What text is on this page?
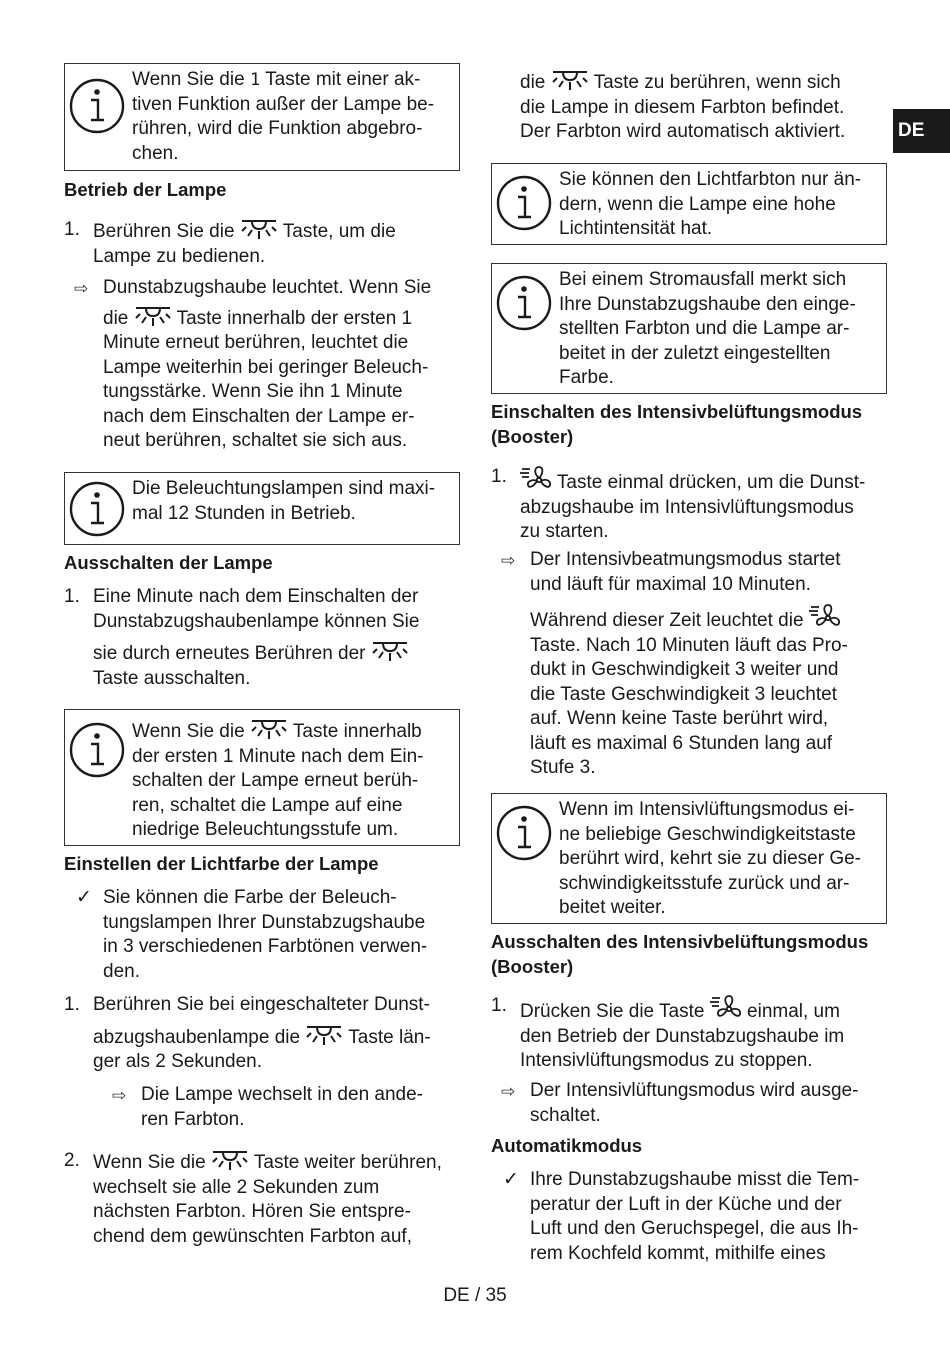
DE
Wenn Sie die 1 Taste mit einer ak-
tiven Funktion außer der Lampe be-
rühren, wird die Funktion abgebro-
chen.
Betrieb der Lampe
1. Berühren Sie die  Taste, um die
Lampe zu bedienen.
⇨ Dunstabzugshaube leuchtet. Wenn Sie
die  Taste innerhalb der ersten 1
Minute erneut berühren, leuchtet die
Lampe weiterhin bei geringer Beleuch-
tungsstärke. Wenn Sie ihn 1 Minute
nach dem Einschalten der Lampe er-
neut berühren, schaltet sie sich aus.
Die Beleuchtungslampen sind maxi-
mal 12 Stunden in Betrieb.
Ausschalten der Lampe
1. Eine Minute nach dem Einschalten der
Dunstabzugshaubenlampe können Sie
sie durch erneutes Berühren der
Taste ausschalten.
Wenn Sie die  Taste innerhalb
der ersten 1 Minute nach dem Ein-
schalten der Lampe erneut berüh-
ren, schaltet die Lampe auf eine
niedrige Beleuchtungsstufe um.
Einstellen der Lichtfarbe der Lampe
✓ Sie können die Farbe der Beleuch-
tungslampen Ihrer Dunstabzugshaube
in 3 verschiedenen Farbtönen verwen-
den.
1. Berühren Sie bei eingeschalteter Dunst-
abzugshaubenlampe die  Taste län-
ger als 2 Sekunden.
⇨ Die Lampe wechselt in den ande-
ren Farbton.
2. Wenn Sie die  Taste weiter berühren,
wechselt sie alle 2 Sekunden zum
nächsten Farbton. Hören Sie entspre-
chend dem gewünschten Farbton auf,
die  Taste zu berühren, wenn sich
die Lampe in diesem Farbton befindet.
Der Farbton wird automatisch aktiviert.
Sie können den Lichtfarbton nur än-
dern, wenn die Lampe eine hohe
Lichtintensität hat.
Bei einem Stromausfall merkt sich
Ihre Dunstabzugshaube den einge-
stellten Farbton und die Lampe ar-
beitet in der zuletzt eingestellten
Farbe.
Einschalten des Intensivbelüftungsmodus
(Booster)
1.	Taste einmal drücken, um die Dunst-
abzugshaube im Intensivlüftungsmodus
zu starten.
⇨ Der Intensivbeatmungsmodus startet
und läuft für maximal 10 Minuten.
Während dieser Zeit leuchtet die
Taste. Nach 10 Minuten läuft das Pro-
dukt in Geschwindigkeit 3 weiter und
die Taste Geschwindigkeit 3 leuchtet
auf. Wenn keine Taste berührt wird,
läuft es maximal 6 Stunden lang auf
Stufe 3.
Wenn im Intensivlüftungsmodus ei-
ne beliebige Geschwindigkeitstaste
berührt wird, kehrt sie zu dieser Ge-
schwindigkeitsstufe zurück und ar-
beitet weiter.
Ausschalten des Intensivbelüftungsmodus
(Booster)
1. Drücken Sie die Taste  einmal, um
den Betrieb der Dunstabzugshaube im
Intensivlüftungsmodus zu stoppen.
⇨ Der Intensivlüftungsmodus wird ausge-
schaltet.
Automatikmodus
✓ Ihre Dunstabzugshaube misst die Tem-
peratur der Luft in der Küche und der
Luft und den Geruchspegel, die aus Ih-
rem Kochfeld kommt, mithilfe eines
DE / 35
